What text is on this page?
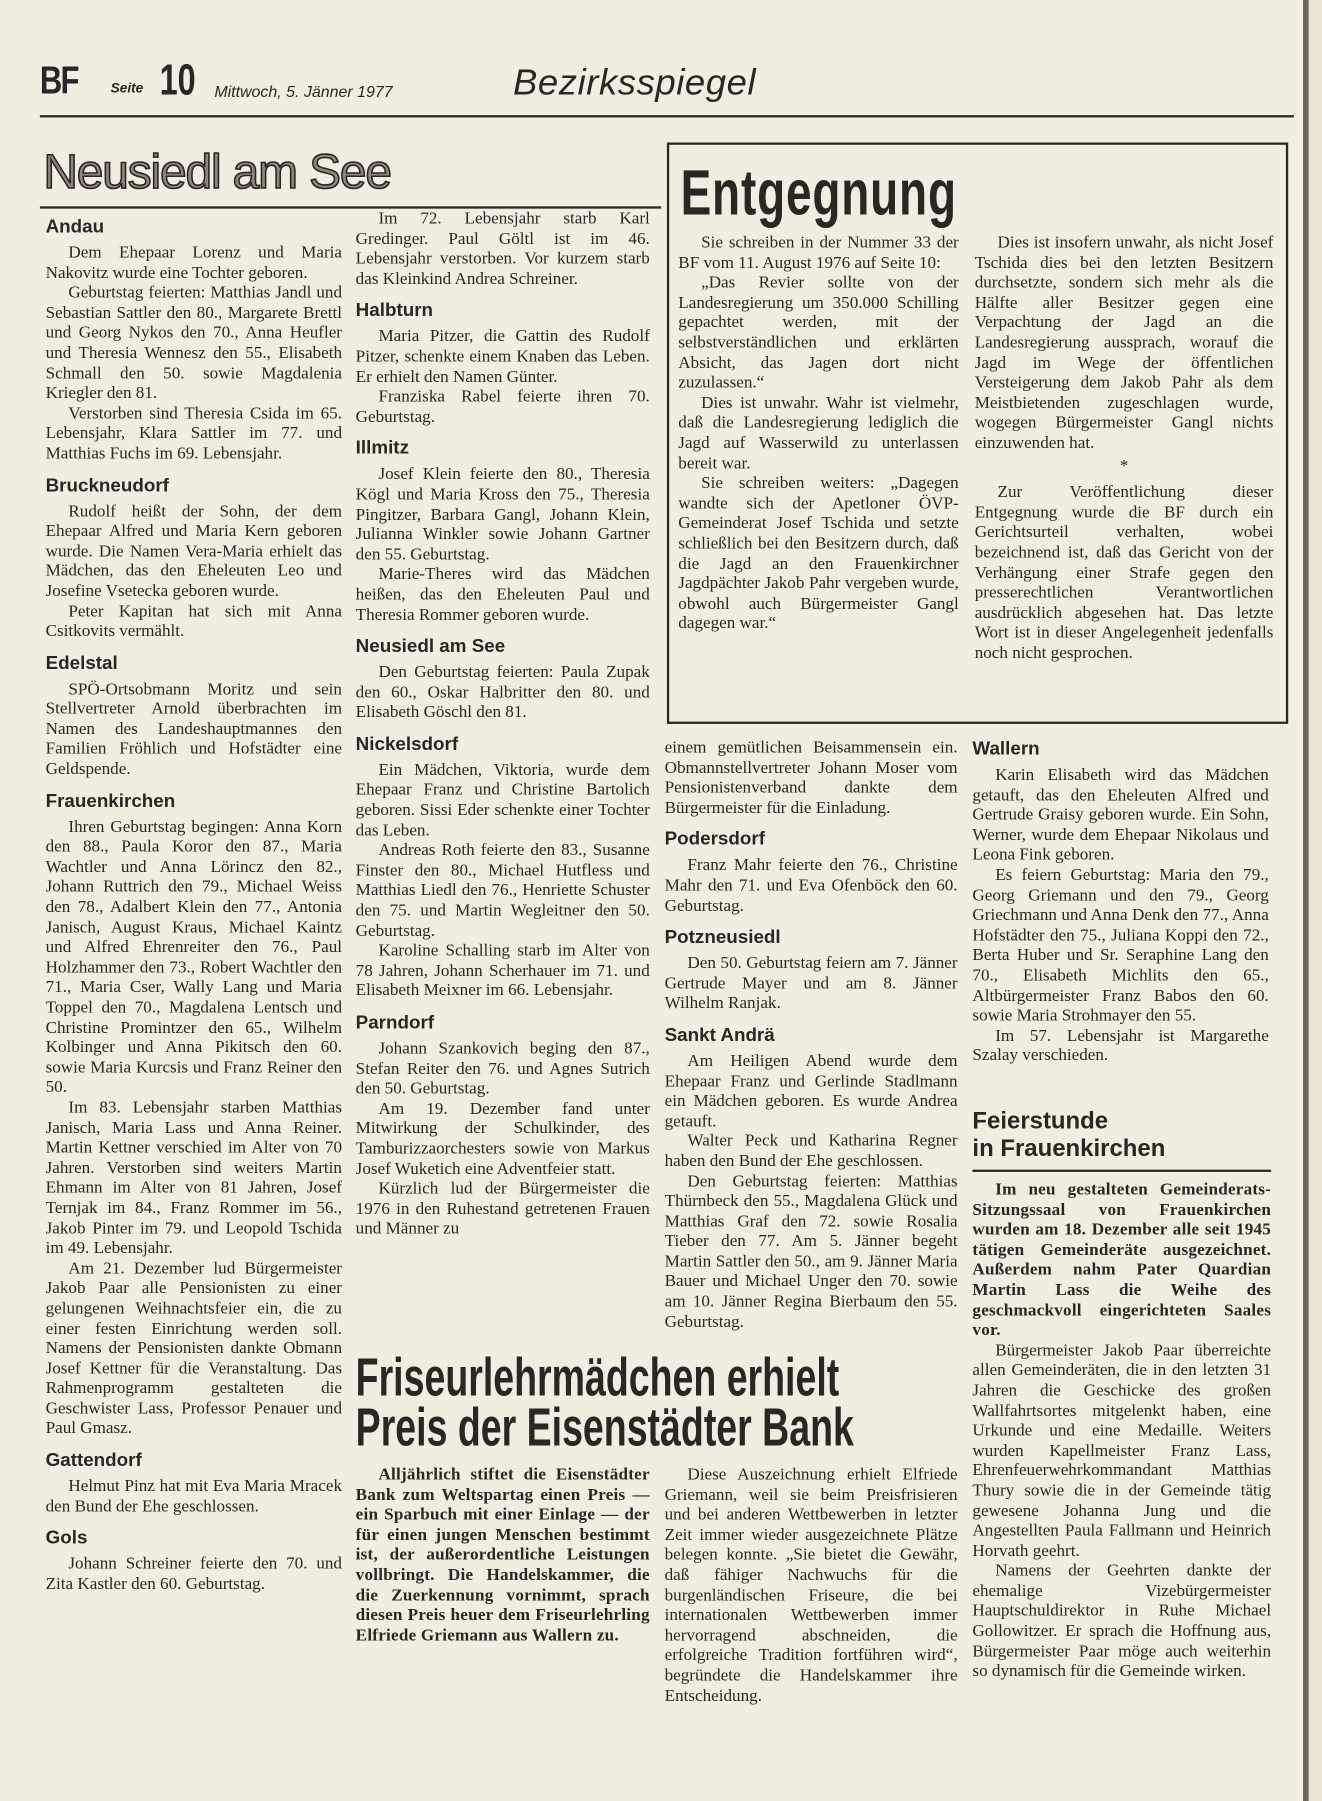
BF	Seite 10 Mittwoch, 5. Jänner 1977	Bezirksspiegel
Neusiedl am See
Andau

Dem Ehepaar Lorenz und Maria Nakovitz wurde eine Tochter geboren.

Geburtstag feierten: Matthias Jandl und Sebastian Sattler den 80., Margarete Brettl und Georg Nykos den 70., Anna Heufler und Theresia Wennesz den 55., Elisabeth Schmall den 50. sowie Magdalenia Kriegler den 81.

Verstorben sind Theresia Csida im 65. Lebensjahr, Klara Sattler im 77. und Matthias Fuchs im 69. Lebensjahr.

Bruckneudorf

Rudolf heißt der Sohn, der dem Ehepaar Alfred und Maria Kern geboren wurde. Die Namen Vera-Maria erhielt das Mädchen, das den Eheleuten Leo und Josefine Vsetecka geboren wurde.

Peter Kapitan hat sich mit Anna Csitkovits vermählt.

Edelstal

SPÖ-Ortsobmann Moritz und sein Stellvertreter Arnold überbrachten im Namen des Landeshauptmannes den Familien Fröhlich und Hofstädter eine Geldspende.

Frauenkirchen

Ihren Geburtstag begingen: Anna Korn den 88., Paula Koror den 87., Maria Wachtler und Anna Lörincz den 82., Johann Ruttrich den 79., Michael Weiss den 78., Adalbert Klein den 77., Antonia Janisch, August Kraus, Michael Kaintz und Alfred Ehrenreiter den 76., Paul Holzhammer den 73., Robert Wachtler den 71., Maria Cser, Wally Lang und Maria Toppel den 70., Magdalena Lentsch und Christine Promintzer den 65., Wilhelm Kolbinger und Anna Pikitsch den 60. sowie Maria Kurcsis und Franz Reiner den 50.

Im 83. Lebensjahr starben Matthias Janisch, Maria Lass und Anna Reiner. Martin Kettner verschied im Alter von 70 Jahren. Verstorben sind weiters Martin Ehmann im Alter von 81 Jahren, Josef Ternjak im 84., Franz Rommer im 56., Jakob Pinter im 79. und Leopold Tschida im 49. Lebensjahr.

Am 21. Dezember lud Bürgermeister Jakob Paar alle Pensionisten zu einer gelungenen Weihnachtsfeier ein, die zu einer festen Einrichtung werden soll. Namens der Pensionisten dankte Obmann Josef Kettner für die Veranstaltung. Das Rahmenprogramm gestalteten die Geschwister Lass, Professor Penauer und Paul Gmasz.

Gattendorf

Helmut Pinz hat mit Eva Maria Mracek den Bund der Ehe geschlossen.

Gols

Johann Schreiner feierte den 70. und Zita Kastler den 60. Geburtstag.

Im 72. Lebensjahr starb Karl Gredinger. Paul Göltl ist im 46. Lebensjahr verstorben. Vor kurzem starb das Kleinkind Andrea Schreiner.

Halbturn

Maria Pitzer, die Gattin des Rudolf Pitzer, schenkte einem Knaben das Leben. Er erhielt den Namen Günter.

Franziska Rabel feierte ihren 70. Geburtstag.

Illmitz

Josef Klein feierte den 80., Theresia Kögl und Maria Kross den 75., Theresia Pingitzer, Barbara Gangl, Johann Klein, Julianna Winkler sowie Johann Gartner den 55. Geburtstag.

Marie-Theres wird das Mädchen heißen, das den Eheleuten Paul und Theresia Rommer geboren wurde.

Neusiedl am See

Den Geburtstag feierten: Paula Zupak den 60., Oskar Halbritter den 80. und Elisabeth Göschl den 81.

Nickelsdorf

Ein Mädchen, Viktoria, wurde dem Ehepaar Franz und Christine Bartolich geboren. Sissi Eder schenkte einer Tochter das Leben.

Andreas Roth feierte den 83., Susanne Finster den 80., Michael Hutfless und Matthias Liedl den 76., Henriette Schuster den 75. und Martin Wegleitner den 50. Geburtstag.

Karoline Schalling starb im Alter von 78 Jahren, Johann Scherhauer im 71. und Elisabeth Meixner im 66. Lebensjahr.

Parndorf

Johann Szankovich beging den 87., Stefan Reiter den 76. und Agnes Sutrich den 50. Geburtstag.

Am 19. Dezember fand unter Mitwirkung der Schulkinder, des Tamburizzaorchesters sowie von Markus Josef Wuketich eine Adventfeier statt.

Kürzlich lud der Bürgermeister die 1976 in den Ruhestand getretenen Frauen und Männer zu

Entgegnung

Sie schreiben in der Nummer 33 der BF vom 11. August 1976 auf Seite 10:

„Das Revier sollte von der Landesregierung um 350.000 Schilling gepachtet werden, mit der selbstverständlichen und erklärten Absicht, das Jagen dort nicht zuzulassen.“

Dies ist unwahr. Wahr ist vielmehr, daß die Landesregierung lediglich die Jagd auf Wasserwild zu unterlassen bereit war.

Sie schreiben weiters: „Dagegen wandte sich der Apetloner ÖVP-Gemeinderat Josef Tschida und setzte schließlich bei den Besitzern durch, daß die Jagd an den Frauenkirchner Jagdpächter Jakob Pahr vergeben wurde, obwohl auch Bürgermeister Gangl dagegen war.“

Dies ist insofern unwahr, als nicht Josef Tschida dies bei den letzten Besitzern durchsetzte, sondern sich mehr als die Hälfte aller Besitzer gegen eine Verpachtung der Jagd an die Landesregierung aussprach, worauf die Jagd im Wege der öffentlichen Versteigerung dem Jakob Pahr als dem Meistbietenden zugeschlagen wurde, wogegen Bürgermeister Gangl nichts einzuwenden hat.

*

Zur Veröffentlichung dieser Entgegnung wurde die BF durch ein Gerichtsurteil verhalten, wobei bezeichnend ist, daß das Gericht von der Verhängung einer Strafe gegen den presserechtlichen Verantwortlichen ausdrücklich abgesehen hat. Das letzte Wort ist in dieser Angelegenheit jedenfalls noch nicht gesprochen.

einem gemütlichen Beisammensein ein. Obmannstellvertreter Johann Moser vom Pensionistenverband dankte dem Bürgermeister für die Einladung.

Podersdorf

Franz Mahr feierte den 76., Christine Mahr den 71. und Eva Ofenböck den 60. Geburtstag.

Potzneusiedl

Den 50. Geburtstag feiern am 7. Jänner Gertrude Mayer und am 8. Jänner Wilhelm Ranjak.

Sankt Andrä

Am Heiligen Abend wurde dem Ehepaar Franz und Gerlinde Stadlmann ein Mädchen geboren. Es wurde Andrea getauft.

Walter Peck und Katharina Regner haben den Bund der Ehe geschlossen.

Den Geburtstag feierten: Matthias Thürnbeck den 55., Magdalena Glück und Matthias Graf den 72. sowie Rosalia Tieber den 77. Am 5. Jänner begeht Martin Sattler den 50., am 9. Jänner Maria Bauer und Michael Unger den 70. sowie am 10. Jänner Regina Bierbaum den 55. Geburtstag.

Wallern

Karin Elisabeth wird das Mädchen getauft, das den Eheleuten Alfred und Gertrude Graisy geboren wurde. Ein Sohn, Werner, wurde dem Ehepaar Nikolaus und Leona Fink geboren.

Es feiern Geburtstag: Maria den 79., Georg Griemann und den 79., Georg Griechmann und Anna Denk den 77., Anna Hofstädter den 75., Juliana Koppi den 72., Berta Huber und Sr. Seraphine Lang den 70., Elisabeth Michlits den 65., Altbürgermeister Franz Babos den 60. sowie Maria Strohmayer den 55.

Im 57. Lebensjahr ist Margarethe Szalay verschieden.

Feierstunde
in Frauenkirchen

Im neu gestalteten Gemeinderats-Sitzungssaal von Frauenkirchen wurden am 18. Dezember alle seit 1945 tätigen Gemeinderäte ausgezeichnet. Außerdem nahm Pater Quardian Martin Lass die Weihe des geschmackvoll eingerichteten Saales vor.

Bürgermeister Jakob Paar überreichte allen Gemeinderäten, die in den letzten 31 Jahren die Geschicke des großen Wallfahrtsortes mitgelenkt haben, eine Urkunde und eine Medaille. Weiters wurden Kapellmeister Franz Lass, Ehrenfeuerwehrkommandant Matthias Thury sowie die in der Gemeinde tätig gewesene Johanna Jung und die Angestellten Paula Fallmann und Heinrich Horvath geehrt.

Namens der Geehrten dankte der ehemalige Vizebürgermeister Hauptschuldirektor in Ruhe Michael Gollowitzer. Er sprach die Hoffnung aus, Bürgermeister Paar möge auch weiterhin so dynamisch für die Gemeinde wirken.

Friseurlehrmädchen erhielt
Preis der Eisenstädter Bank

Alljährlich stiftet die Eisenstädter Bank zum Weltspartag einen Preis — ein Sparbuch mit einer Einlage — der für einen jungen Menschen bestimmt ist, der außerordentliche Leistungen vollbringt. Die Handelskammer, die die Zuerkennung vornimmt, sprach diesen Preis heuer dem Friseurlehrling Elfriede Griemann aus Wallern zu.

Diese Auszeichnung erhielt Elfriede Griemann, weil sie beim Preisfrisieren und bei anderen Wettbewerben in letzter Zeit immer wieder ausgezeichnete Plätze belegen konnte. „Sie bietet die Gewähr, daß fähiger Nachwuchs für die burgenländischen Friseure, die bei internationalen Wettbewerben immer hervorragend abschneiden, die erfolgreiche Tradition fortführen wird“, begründete die Handelskammer ihre Entscheidung.
